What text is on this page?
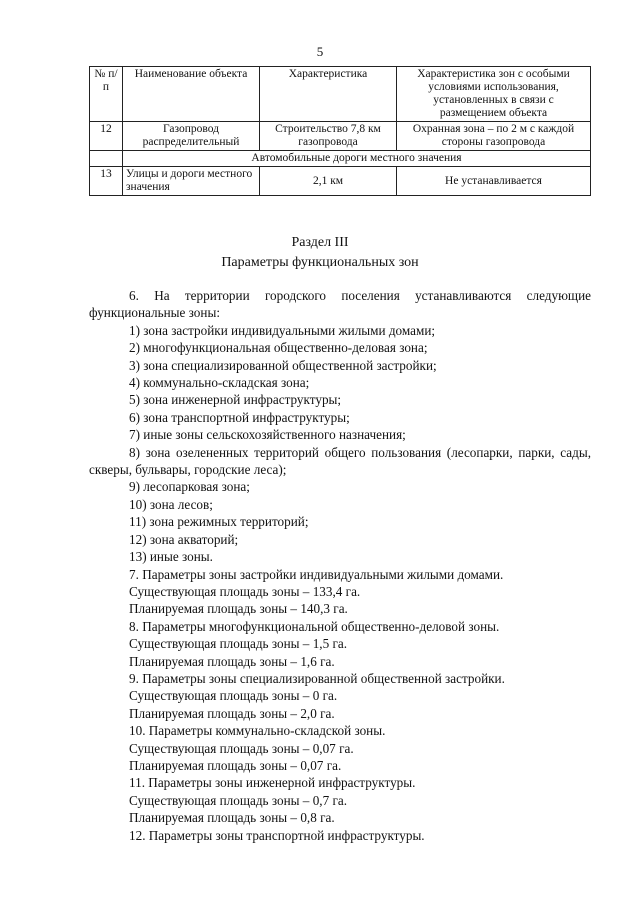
5
№ п/п	Наименование объекта	Характеристика	Характеристика зон с особыми условиями использования, установленных в связи с размещением объекта
12	Газопровод распределительный	Строительство 7,8 км газопровода	Охранная зона – по 2 м с каждой стороны газопровода
	Автомобильные дороги местного значения		
13	Улицы и дороги местного значения	2,1 км	Не устанавливается
Раздел III
Параметры функциональных зон

6. На территории городского поселения устанавливаются следующие функциональные зоны:

1) зона застройки индивидуальными жилыми домами;

2) многофункциональная общественно-деловая зона;

3) зона специализированной общественной застройки;

4) коммунально-складская зона;

5) зона инженерной инфраструктуры;

6) зона транспортной инфраструктуры;

7) иные зоны сельскохозяйственного назначения;

8) зона озелененных территорий общего пользования (лесопарки, парки, сады, скверы, бульвары, городские леса);

9) лесопарковая зона;

10) зона лесов;

11) зона режимных территорий;

12) зона акваторий;

13) иные зоны.

7. Параметры зоны застройки индивидуальными жилыми домами.

Существующая площадь зоны – 133,4 га.

Планируемая площадь зоны – 140,3 га.

8. Параметры многофункциональной общественно-деловой зоны.

Существующая площадь зоны – 1,5 га.

Планируемая площадь зоны – 1,6 га.

9. Параметры зоны специализированной общественной застройки.

Существующая площадь зоны – 0 га.

Планируемая площадь зоны – 2,0 га.

10. Параметры коммунально-складской зоны.

Существующая площадь зоны – 0,07 га.

Планируемая площадь зоны – 0,07 га.

11. Параметры зоны инженерной инфраструктуры.

Существующая площадь зоны – 0,7 га.

Планируемая площадь зоны – 0,8 га.

12. Параметры зоны транспортной инфраструктуры.
